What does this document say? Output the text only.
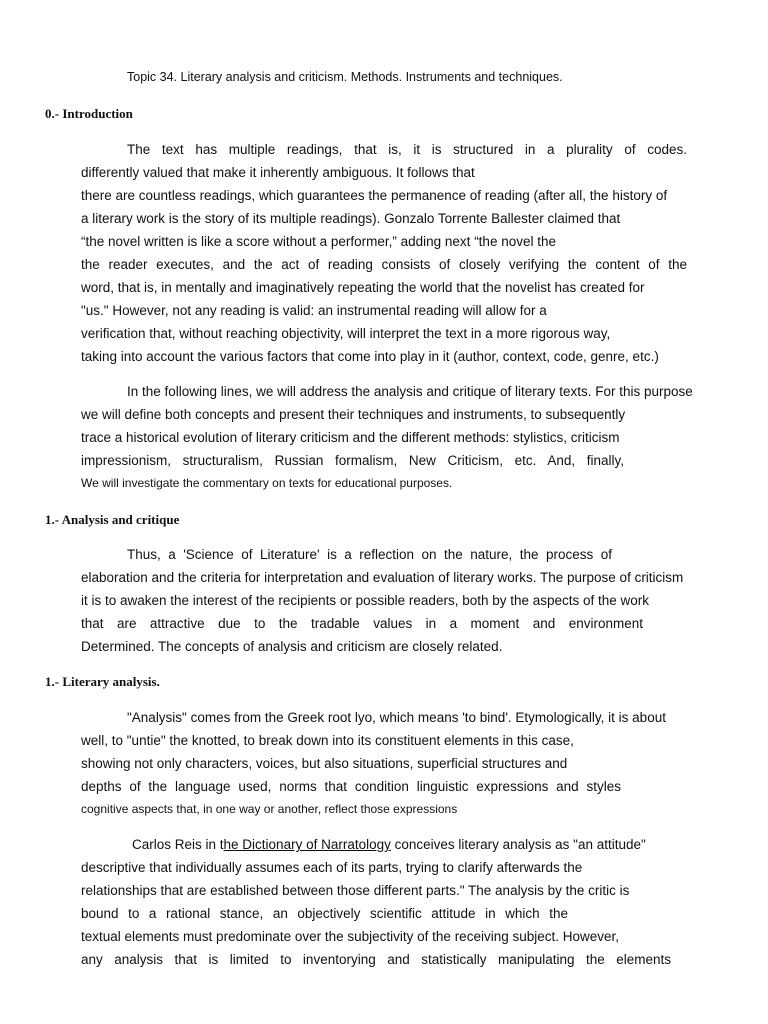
Topic 34. Literary analysis and criticism. Methods. Instruments and techniques.
0.- Introduction
The text has multiple readings, that is, it is structured in a plurality of codes.
differently valued that make it inherently ambiguous. It follows that
there are countless readings, which guarantees the permanence of reading (after all, the history of
a literary work is the story of its multiple readings). Gonzalo Torrente Ballester claimed that
“the novel written is like a score without a performer,” adding next “the novel the
the reader executes, and the act of reading consists of closely verifying the content of the
word, that is, in mentally and imaginatively repeating the world that the novelist has created for
"us." However, not any reading is valid: an instrumental reading will allow for a
verification that, without reaching objectivity, will interpret the text in a more rigorous way,
taking into account the various factors that come into play in it (author, context, code, genre, etc.)
In the following lines, we will address the analysis and critique of literary texts. For this purpose
we will define both concepts and present their techniques and instruments, to subsequently
trace a historical evolution of literary criticism and the different methods: stylistics, criticism
impressionism, structuralism, Russian formalism, New Criticism, etc. And, finally,
We will investigate the commentary on texts for educational purposes.
1.- Analysis and critique
Thus, a 'Science of Literature' is a reflection on the nature, the process of
elaboration and the criteria for interpretation and evaluation of literary works. The purpose of criticism
it is to awaken the interest of the recipients or possible readers, both by the aspects of the work
that are attractive due to the tradable values in a moment and environment
Determined. The concepts of analysis and criticism are closely related.
1.- Literary analysis.
"Analysis" comes from the Greek root lyo, which means 'to bind'. Etymologically, it is about
well, to "untie" the knotted, to break down into its constituent elements in this case,
showing not only characters, voices, but also situations, superficial structures and
depths of the language used, norms that condition linguistic expressions and styles
cognitive aspects that, in one way or another, reflect those expressions
Carlos Reis in the Dictionary of Narratology conceives literary analysis as "an attitude"
descriptive that individually assumes each of its parts, trying to clarify afterwards the
relationships that are established between those different parts." The analysis by the critic is
bound to a rational stance, an objectively scientific attitude in which the
textual elements must predominate over the subjectivity of the receiving subject. However,
any analysis that is limited to inventorying and statistically manipulating the elements
